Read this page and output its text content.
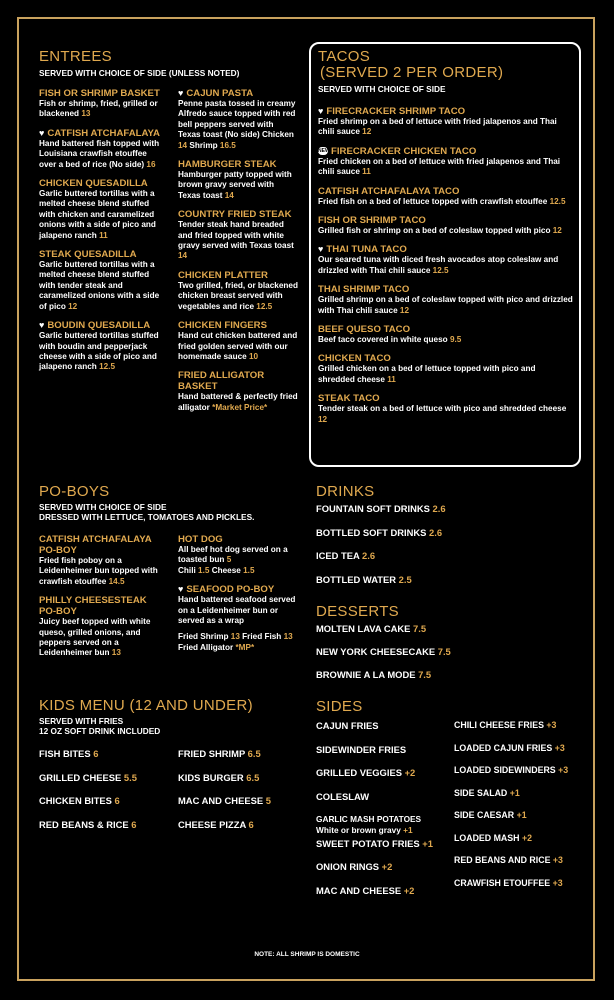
ENTREES
SERVED WITH CHOICE OF SIDE (UNLESS NOTED)
FISH OR SHRIMP BASKET
Fish or shrimp, fried, grilled or blackened 13
♥ CATFISH ATCHAFALAYA
Hand battered fish topped with Louisiana crawfish etouffee over a bed of rice (No side) 16
CHICKEN QUESADILLA
Garlic buttered tortillas with a melted cheese blend stuffed with chicken and caramelized onions with a side of pico and jalapeno ranch 11
STEAK QUESADILLA
Garlic buttered tortillas with a melted cheese blend stuffed with tender steak and caramelized onions with a side of pico 12
♥ BOUDIN QUESADILLA
Garlic buttered tortillas stuffed with boudin and pepperjack cheese with a side of pico and jalapeno ranch 12.5
♥ CAJUN PASTA
Penne pasta tossed in creamy Alfredo sauce topped with red bell peppers served with Texas toast (No side) Chicken 14 Shrimp 16.5
HAMBURGER STEAK
Hamburger patty topped with brown gravy served with Texas toast 14
COUNTRY FRIED STEAK
Tender steak hand breaded and fried topped with white gravy served with Texas toast 14
CHICKEN PLATTER
Two grilled, fried, or blackened chicken breast served with vegetables and rice 12.5
CHICKEN FINGERS
Hand cut chicken battered and fried golden served with our homemade sauce 10
FRIED ALLIGATOR BASKET
Hand battered & perfectly fried alligator *Market Price*
TACOS
(SERVED 2 PER ORDER)
SERVED WITH CHOICE OF SIDE
♥ FIRECRACKER SHRIMP TACO
Fried shrimp on a bed of lettuce with fried jalapenos and Thai chili sauce 12
NEWFIRECRACKER CHICKEN TACO
Fried chicken on a bed of lettuce with fried jalapenos and Thai chili sauce 11
CATFISH ATCHAFALAYA TACO
Fried fish on a bed of lettuce topped with crawfish etouffee 12.5
FISH OR SHRIMP TACO
Grilled fish or shrimp on a bed of coleslaw topped with pico 12
♥ THAI TUNA TACO
Our seared tuna with diced fresh avocados atop coleslaw and drizzled with Thai chili sauce 12.5
THAI SHRIMP TACO
Grilled shrimp on a bed of coleslaw topped with pico and drizzled with Thai chili sauce 12
BEEF QUESO TACO
Beef taco covered in white queso 9.5
CHICKEN TACO
Grilled chicken on a bed of lettuce topped with pico and shredded cheese 11
STEAK TACO
Tender steak on a bed of lettuce with pico and shredded cheese 12
PO-BOYS
SERVED WITH CHOICE OF SIDE
DRESSED WITH LETTUCE, TOMATOES AND PICKLES.
CATFISH ATCHAFALAYA PO-BOY
Fried fish poboy on a Leidenheimer bun topped with crawfish etouffee 14.5
PHILLY CHEESESTEAK PO-BOY
Juicy beef topped with white queso, grilled onions, and peppers served on a Leidenheimer bun 13
HOT DOG
All beef hot dog served on a toasted bun 5
Chili 1.5 Cheese 1.5
♥ SEAFOOD PO-BOY
Hand battered seafood served on a Leidenheimer bun or served as a wrap
Fried Shrimp 13 Fried Fish 13
Fried Alligator *MP*
DRINKS
FOUNTAIN SOFT DRINKS 2.6
BOTTLED SOFT DRINKS 2.6
ICED TEA 2.6
BOTTLED WATER 2.5
DESSERTS
MOLTEN LAVA CAKE 7.5
NEW YORK CHEESECAKE 7.5
BROWNIE A LA MODE 7.5
KIDS MENU (12 AND UNDER)
SERVED WITH FRIES
12 OZ SOFT DRINK INCLUDED
FISH BITES 6
GRILLED CHEESE 5.5
CHICKEN BITES 6
RED BEANS & RICE 6
FRIED SHRIMP 6.5
KIDS BURGER 6.5
MAC AND CHEESE 5
CHEESE PIZZA 6
SIDES
CAJUN FRIES
SIDEWINDER FRIES
GRILLED VEGGIES +2
COLESLAW
GARLIC MASH POTATOES
White or brown gravy +1
SWEET POTATO FRIES +1
ONION RINGS +2
MAC AND CHEESE +2
CHILI CHEESE FRIES +3
LOADED CAJUN FRIES +3
LOADED SIDEWINDERS +3
SIDE SALAD +1
SIDE CAESAR +1
LOADED MASH +2
RED BEANS AND RICE +3
CRAWFISH ETOUFFEE +3
NOTE: ALL SHRIMP IS DOMESTIC
